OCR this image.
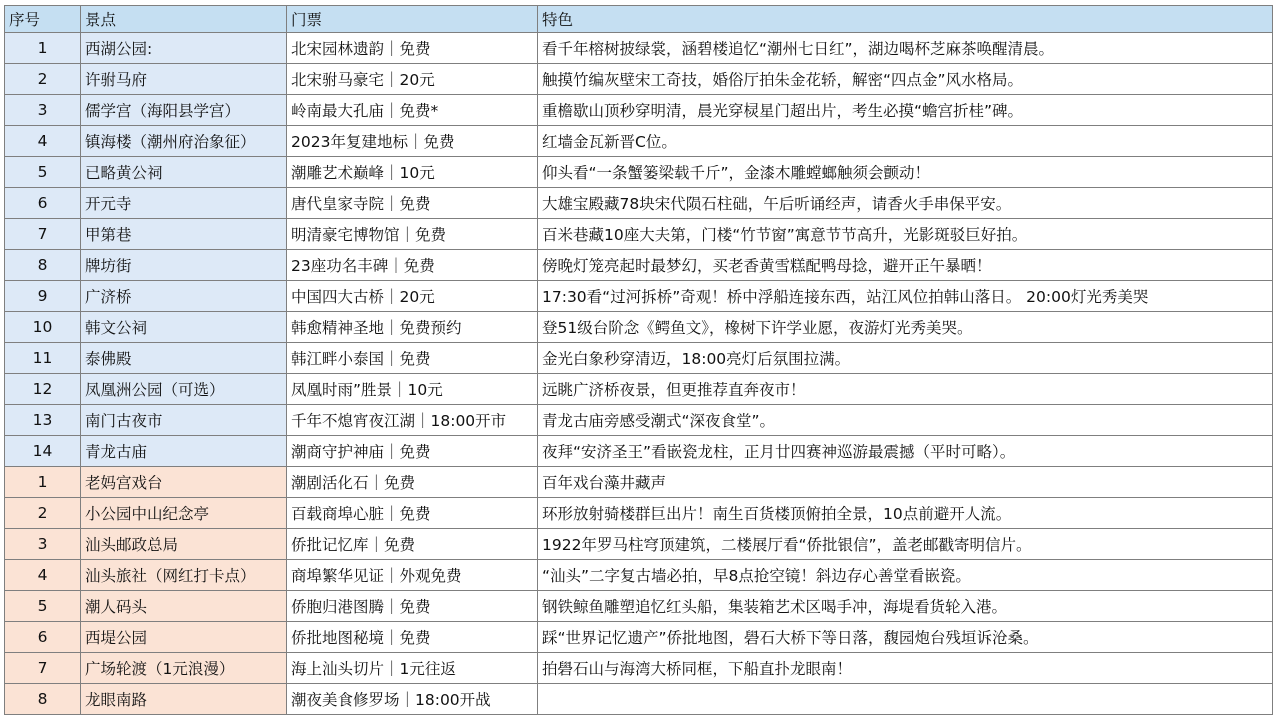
序号	景点	门票	特色
1	西湖公园:	北宋园林遗韵｜免费	看千年榕树披绿裳，涵碧楼追忆“潮州七日红”，湖边喝杯芝麻茶唤醒清晨。
2	许驸马府	北宋驸马豪宅｜20元	触摸竹编灰壁宋工奇技，婚俗厅拍朱金花轿，解密“四点金”风水格局。
3	儒学宫（海阳县学宫）	岭南最大孔庙｜免费*	重檐歇山顶秒穿明清，晨光穿棂星门超出片，考生必摸“蟾宫折桂”碑。
4	镇海楼（潮州府治象征）	2023年复建地标｜免费	红墙金瓦新晋C位。
5	已略黄公祠	潮雕艺术巅峰｜10元	仰头看“一条蟹篓梁载千斤”，金漆木雕螳螂触须会颤动！
6	开元寺	唐代皇家寺院｜免费	大雄宝殿藏78块宋代陨石柱础，午后听诵经声，请香火手串保平安。
7	甲第巷	明清豪宅博物馆｜免费	百米巷藏10座大夫第，门楼“竹节窗”寓意节节高升，光影斑驳巨好拍。
8	牌坊街	23座功名丰碑｜免费	傍晚灯笼亮起时最梦幻，买老香黄雪糕配鸭母捻，避开正午暴晒！
9	广济桥	中国四大古桥｜20元	17:30看“过河拆桥”奇观！桥中浮船连接东西，站江风位拍韩山落日。 20:00灯光秀美哭
10	韩文公祠	韩愈精神圣地｜免费预约	登51级台阶念《鳄鱼文》，橡树下许学业愿，夜游灯光秀美哭。
11	泰佛殿	韩江畔小泰国｜免费	金光白象秒穿清迈，18:00亮灯后氛围拉满。
12	凤凰洲公园（可选）	凤凰时雨”胜景｜10元	远眺广济桥夜景，但更推荐直奔夜市！
13	南门古夜市	千年不熄宵夜江湖｜18:00开市	青龙古庙旁感受潮式“深夜食堂”。
14	青龙古庙	潮商守护神庙｜免费	夜拜“安济圣王”看嵌瓷龙柱，正月廿四赛神巡游最震撼（平时可略）。
1	老妈宫戏台	潮剧活化石｜免费	百年戏台藻井藏声
2	小公园中山纪念亭	百载商埠心脏｜免费	环形放射骑楼群巨出片！南生百货楼顶俯拍全景，10点前避开人流。
3	汕头邮政总局	侨批记忆库｜免费	1922年罗马柱穹顶建筑，二楼展厅看“侨批银信”，盖老邮戳寄明信片。
4	汕头旅社（网红打卡点）	商埠繁华见证｜外观免费	“汕头”二字复古墙必拍，早8点抢空镜！斜边存心善堂看嵌瓷。
5	潮人码头	侨胞归港图腾｜免费	钢铁鲸鱼雕塑追忆红头船，集装箱艺术区喝手冲，海堤看货轮入港。
6	西堤公园	侨批地图秘境｜免费	踩“世界记忆遗产”侨批地图，礐石大桥下等日落，馥园炮台残垣诉沧桑。
7	广场轮渡（1元浪漫）	海上汕头切片｜1元往返	拍礐石山与海湾大桥同框，下船直扑龙眼南！
8	龙眼南路	潮夜美食修罗场｜18:00开战	
